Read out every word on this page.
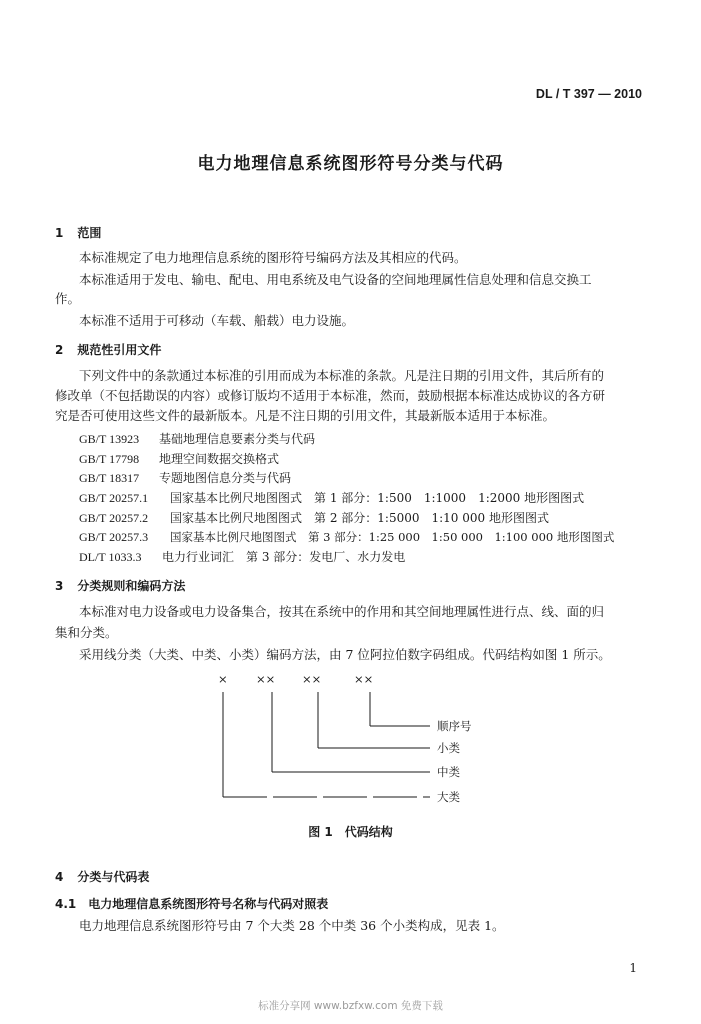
DL / T 397 — 2010
电力地理信息系统图形符号分类与代码
1 范围
本标准规定了电力地理信息系统的图形符号编码方法及其相应的代码。
本标准适用于发电、输电、配电、用电系统及电气设备的空间地理属性信息处理和信息交换工
作。
本标准不适用于可移动（车载、船载）电力设施。
2 规范性引用文件
下列文件中的条款通过本标准的引用而成为本标准的条款。凡是注日期的引用文件，其后所有的
修改单（不包括勘误的内容）或修订版均不适用于本标准，然而，鼓励根据本标准达成协议的各方研
究是否可使用这些文件的最新版本。凡是不注日期的引用文件，其最新版本适用于本标准。
GB/T 13923 基础地理信息要素分类与代码
GB/T 17798 地理空间数据交换格式
GB/T 18317 专题地图信息分类与代码
GB/T 20257.1 国家基本比例尺地图图式　第 1 部分：1:500　1:1000　1:2000 地形图图式
GB/T 20257.2 国家基本比例尺地图图式　第 2 部分：1:5000　1:10 000 地形图图式
GB/T 20257.3 国家基本比例尺地图图式　第 3 部分：1:25 000　1:50 000　1:100 000 地形图图式
DL/T 1033.3 电力行业词汇　第 3 部分：发电厂、水力发电
3 分类规则和编码方法
本标准对电力设备或电力设备集合，按其在系统中的作用和其空间地理属性进行点、线、面的归
集和分类。
采用线分类（大类、中类、小类）编码方法，由 7 位阿拉伯数字码组成。代码结构如图 1 所示。
× ×× ××	××
顺序号
小类
中类
大类
图 1　代码结构
4 分类与代码表
4.1 电力地理信息系统图形符号名称与代码对照表
电力地理信息系统图形符号由 7 个大类 28 个中类 36 个小类构成，见表 1。
1
标准分享网 www.bzfxw.com 免费下载
